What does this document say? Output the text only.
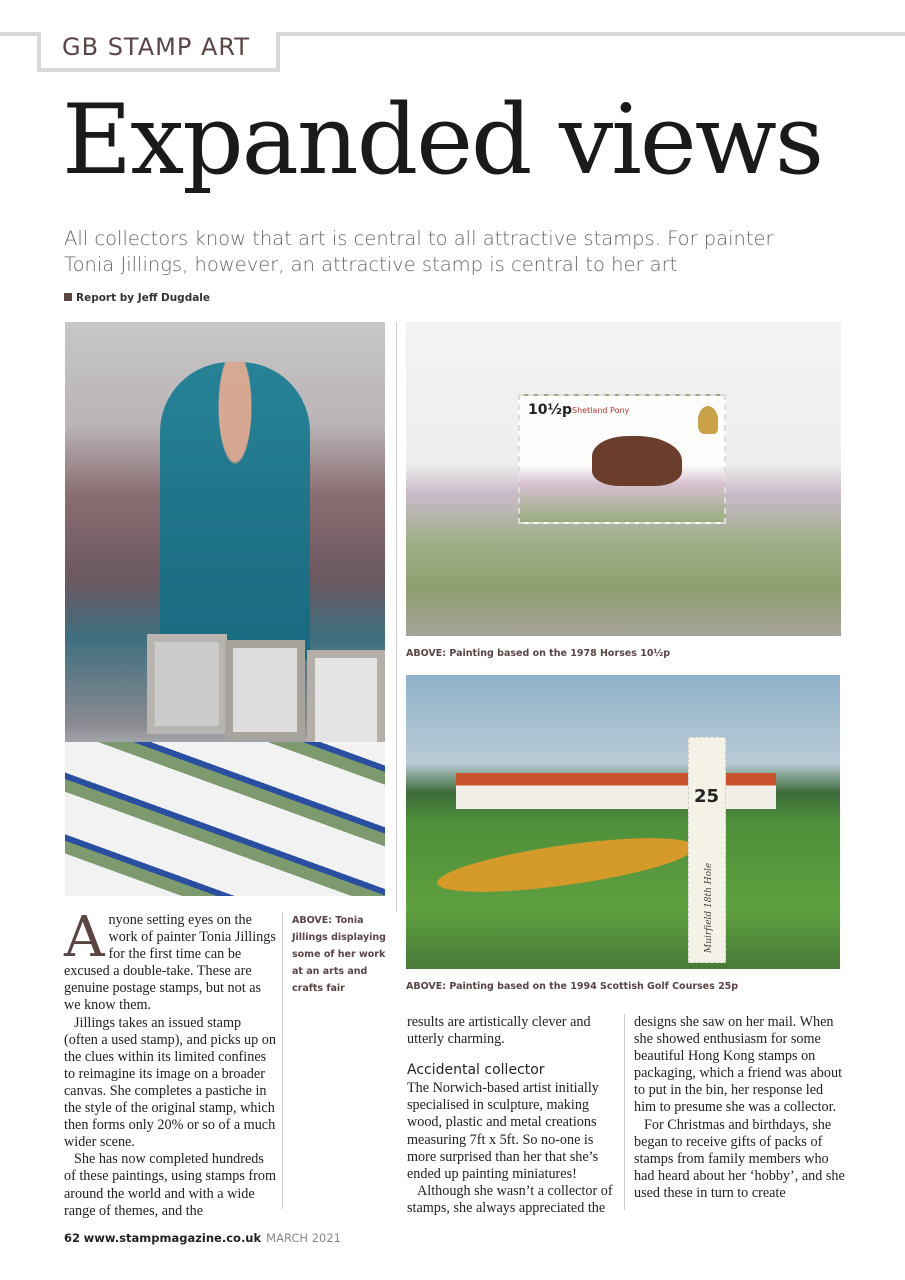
GB STAMP ART
Expanded views
All collectors know that art is central to all attractive stamps. For painter Tonia Jillings, however, an attractive stamp is central to her art
Report by Jeff Dugdale
10½p Shetland Pony
ABOVE: Painting based on the 1978 Horses 10½p
25
Muirfield 18th Hole
ABOVE: Painting based on the 1994 Scottish Golf Courses 25p
ABOVE: Tonia Jillings displaying some of her work at an arts and crafts fair

Anyone setting eyes on the work of painter Tonia Jillings for the first time can be excused a double-take. These are genuine postage stamps, but not as we know them.

Jillings takes an issued stamp (often a used stamp), and picks up on the clues within its limited confines to reimagine its image on a broader canvas. She completes a pastiche in the style of the original stamp, which then forms only 20% or so of a much wider scene.

She has now completed hundreds of these paintings, using stamps from around the world and with a wide range of themes, and the

results are artistically clever and utterly charming.

Accidental collector

The Norwich-based artist initially specialised in sculpture, making wood, plastic and metal creations measuring 7ft x 5ft. So no-one is more surprised than her that she’s ended up painting miniatures!

Although she wasn’t a collector of stamps, she always appreciated the

designs she saw on her mail. When she showed enthusiasm for some beautiful Hong Kong stamps on packaging, which a friend was about to put in the bin, her response led him to presume she was a collector.

For Christmas and birthdays, she began to receive gifts of packs of stamps from family members who had heard about her ‘hobby’, and she used these in turn to create

62 www.stampmagazine.co.uk MARCH 2021
